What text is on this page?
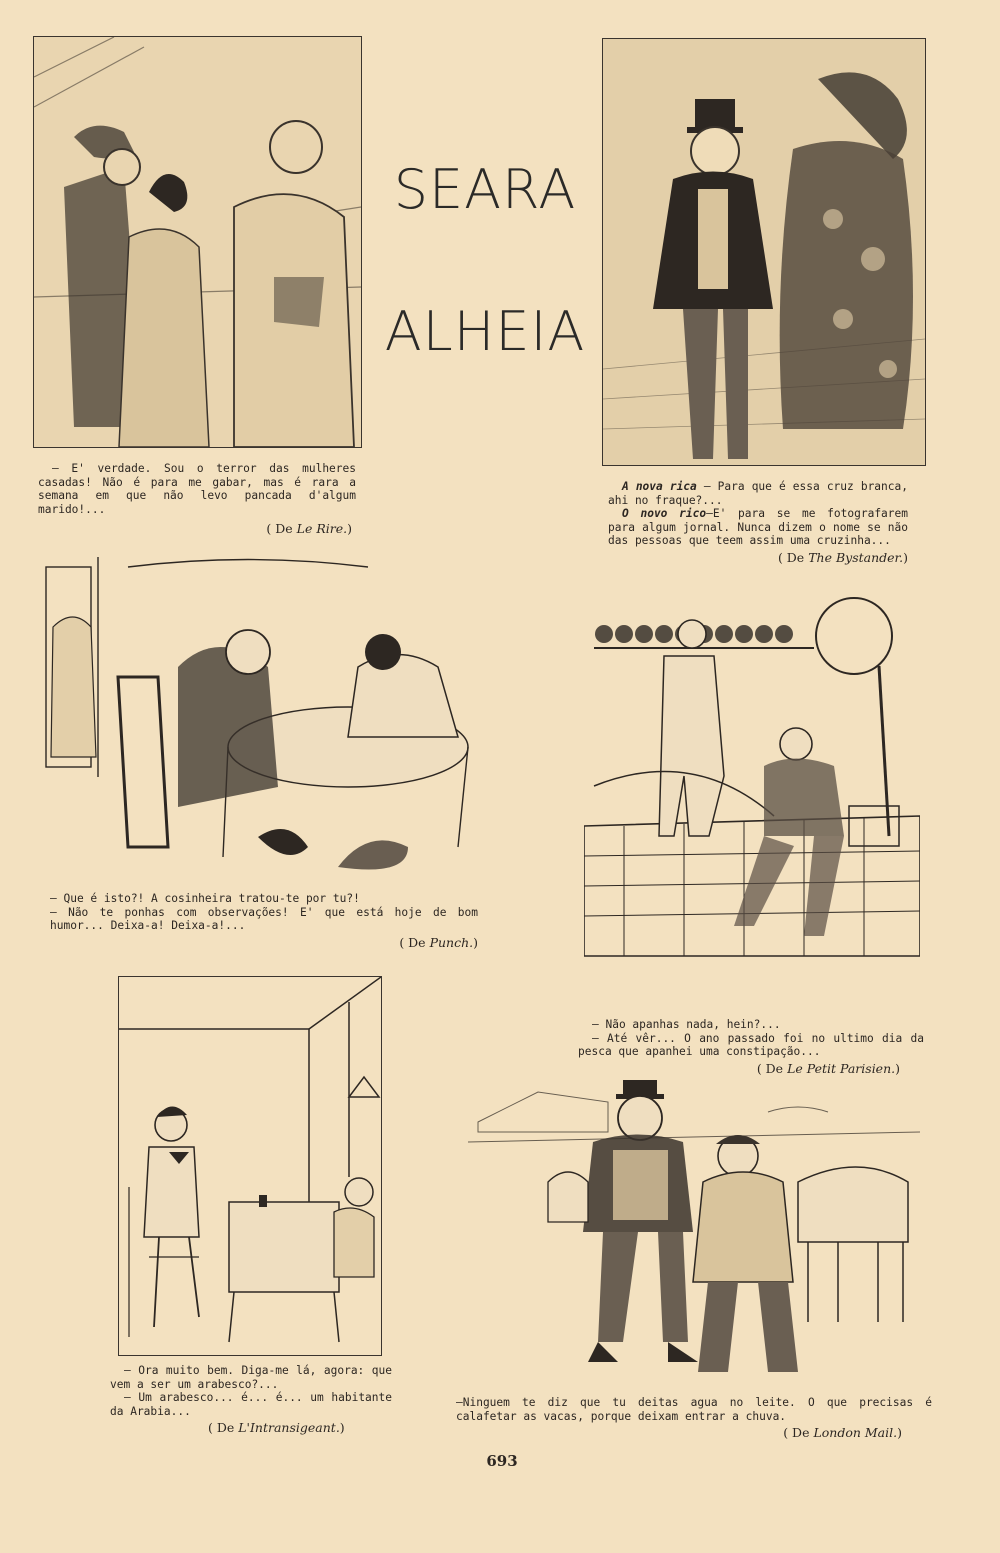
SEARA
ALHEIA

— E' verdade. Sou o terror das mulheres casadas! Não é para me gabar, mas é rara a semana em que não levo pancada d'algum marido!...

( De Le Rire.)

A nova rica — Para que é essa cruz branca, ahi no fraque?...

O novo rico—E' para se me fotografarem para algum jornal. Nunca dizem o nome se não das pessoas que teem assim uma cruzinha...

( De The Bystander.)

— Que é isto?! A cosinheira tratou-te por tu?!

— Não te ponhas com observações! E' que está hoje de bom humor... Deixa-a! Deixa-a!...

( De Punch.)

— Não apanhas nada, hein?...

— Até vêr... O ano passado foi no ultimo dia da pesca que apanhei uma constipação...

( De Le Petit Parisien.)

— Ora muito bem. Diga-me lá, agora: que vem a ser um arabesco?...

— Um arabesco... é... é... um habitante da Arabia...

( De L'Intransigeant.)

—Ninguem te diz que tu deitas agua no leite. O que precisas é calafetar as vacas, porque deixam entrar a chuva.

( De London Mail.)
693
